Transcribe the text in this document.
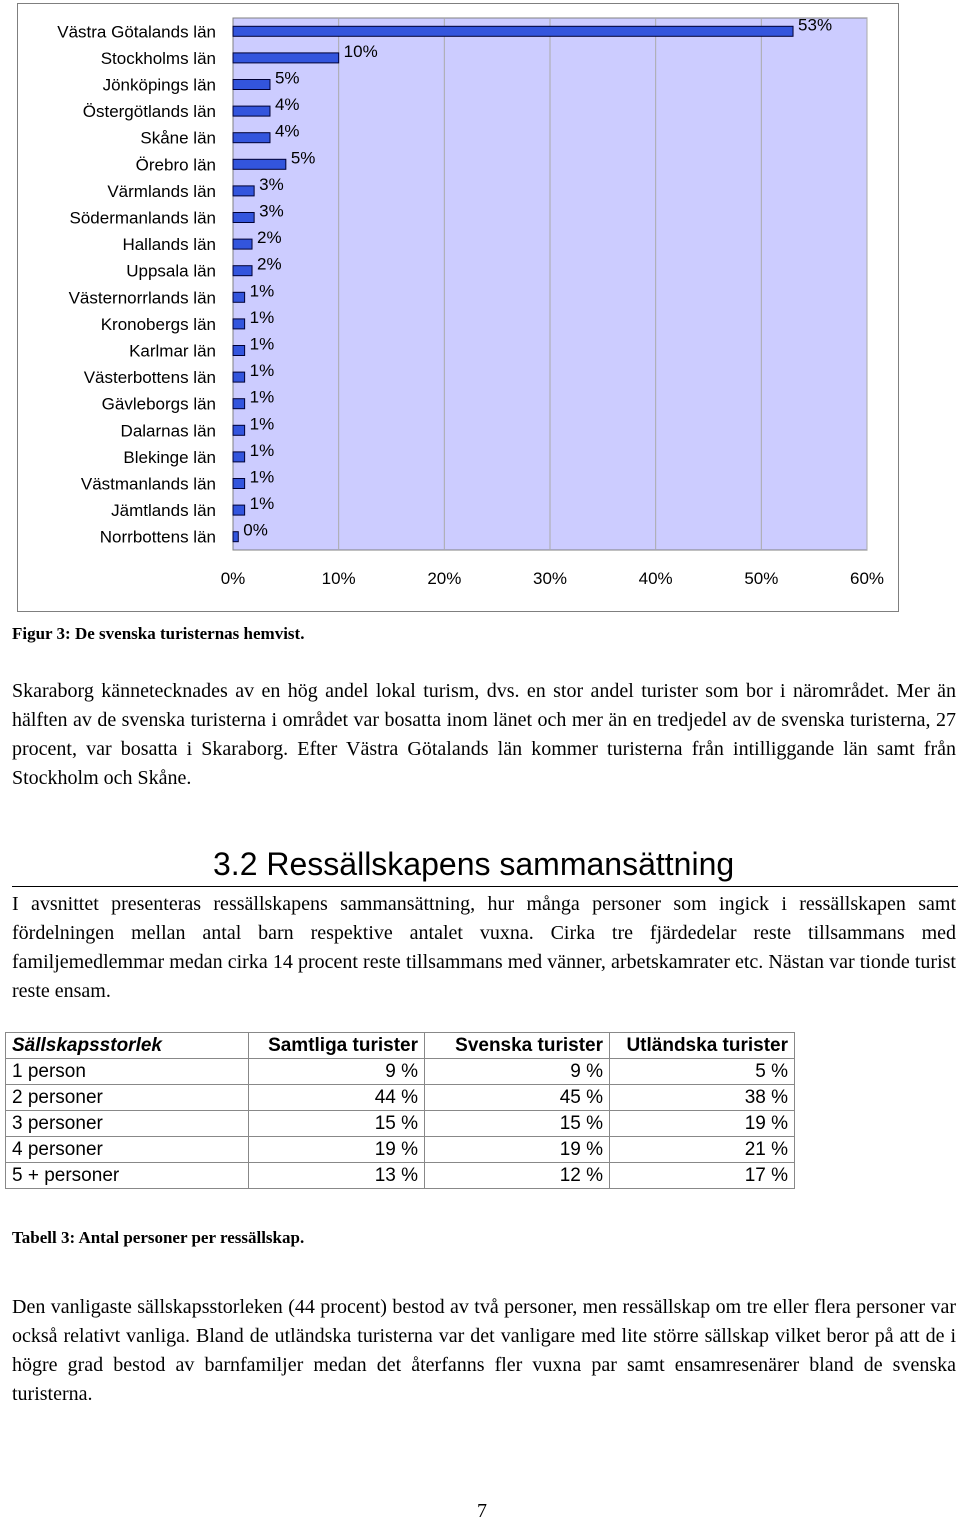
0%	10%	20%	30%	40%	50%	60%
Västra Götalands län	53%
Stockholms län	10%
Jönköpings län	5%
Östergötlands län	4%
Skåne län	4%
Örebro län	5%
Värmlands län	3%
Södermanlands län	3%
Hallands län 2%
Uppsala län 2%
Västernorrlands län 1%
Kronobergs län 1%
Karlmar län 1%
Västerbottens län 1%
Gävleborgs län 1%
Dalarnas län 1%
Blekinge län 1%
Västmanlands län 1%
Jämtlands län 1%
Norrbottens län 0%
Figur 3: De svenska turisternas hemvist.

Skaraborg kännetecknades av en hög andel lokal turism, dvs. en stor andel turister som bor i närområdet. Mer än hälften av de svenska turisterna i området var bosatta inom länet och mer än en tredjedel av de svenska turisterna, 27 procent, var bosatta i Skaraborg. Efter Västra Götalands län kommer turisterna från intilliggande län samt från Stockholm och Skåne.

3.2 Ressällskapens sammansättning

I avsnittet presenteras ressällskapens sammansättning, hur många personer som ingick i ressällskapen samt fördelningen mellan antal barn respektive antalet vuxna. Cirka tre fjärdedelar reste tillsammans med familjemedlemmar medan cirka 14 procent reste tillsammans med vänner, arbetskamrater etc. Nästan var tionde turist reste ensam.

Sällskapsstorlek	Samtliga turister	Svenska turister	Utländska turister
1 person	9 %	9 %	5 %
2 personer	44 %	45 %	38 %
3 personer	15 %	15 %	19 %
4 personer	19 %	19 %	21 %
5 + personer	13 %	12 %	17 %
Tabell 3: Antal personer per ressällskap.

Den vanligaste sällskapsstorleken (44 procent) bestod av två personer, men ressällskap om tre eller flera personer var också relativt vanliga. Bland de utländska turisterna var det vanligare med lite större sällskap vilket beror på att de i högre grad bestod av barnfamiljer medan det återfanns fler vuxna par samt ensamresenärer bland de svenska turisterna.

7
